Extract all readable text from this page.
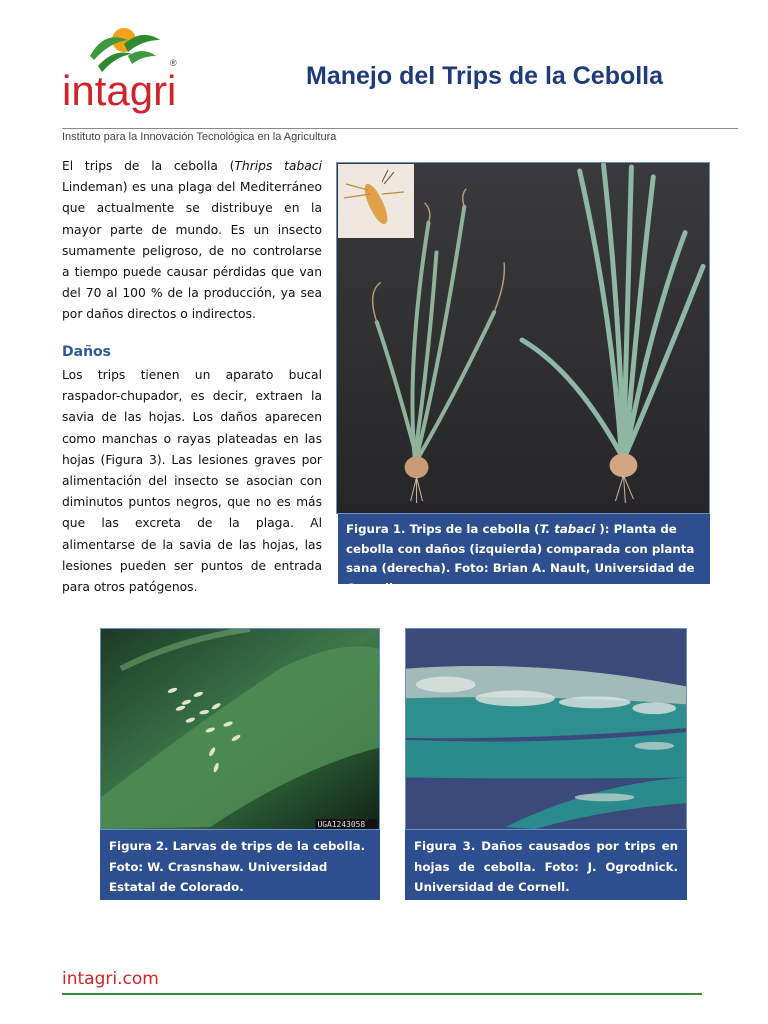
intagri
®	Manejo del Trips de la Cebolla
Instituto para la Innovación Tecnológica en la Agricultura
El trips de la cebolla (Thrips tabaci Lindeman) es una plaga del Mediterráneo que actualmente se distribuye en la mayor parte de mundo. Es un insecto sumamente peligroso, de no controlarse a tiempo puede causar pérdidas que van del 70 al 100 % de la producción, ya sea por daños directos o indirectos.
Daños
Los trips tienen un aparato bucal raspador-chupador, es decir, extraen la savia de las hojas. Los daños aparecen como manchas o rayas plateadas en las hojas (Figura 3). Las lesiones graves por alimentación del insecto se asocian con diminutos puntos negros, que no es más que las excreta de la plaga. Al alimentarse de la savia de las hojas, las lesiones pueden ser puntos de entrada para otros patógenos.
Figura 1. Trips de la cebolla (T. tabaci ): Planta de cebolla con daños (izquierda) comparada con planta sana (derecha). Foto: Brian A. Nault, Universidad de Cornell.
UGA1243058
Figura 2. Larvas de trips de la cebolla. Foto: W. Crasnshaw. Universidad Estatal de Colorado.
Figura 3. Daños causados por trips en hojas de cebolla. Foto: J. Ogrodnick. Universidad de Cornell.
intagri.com
